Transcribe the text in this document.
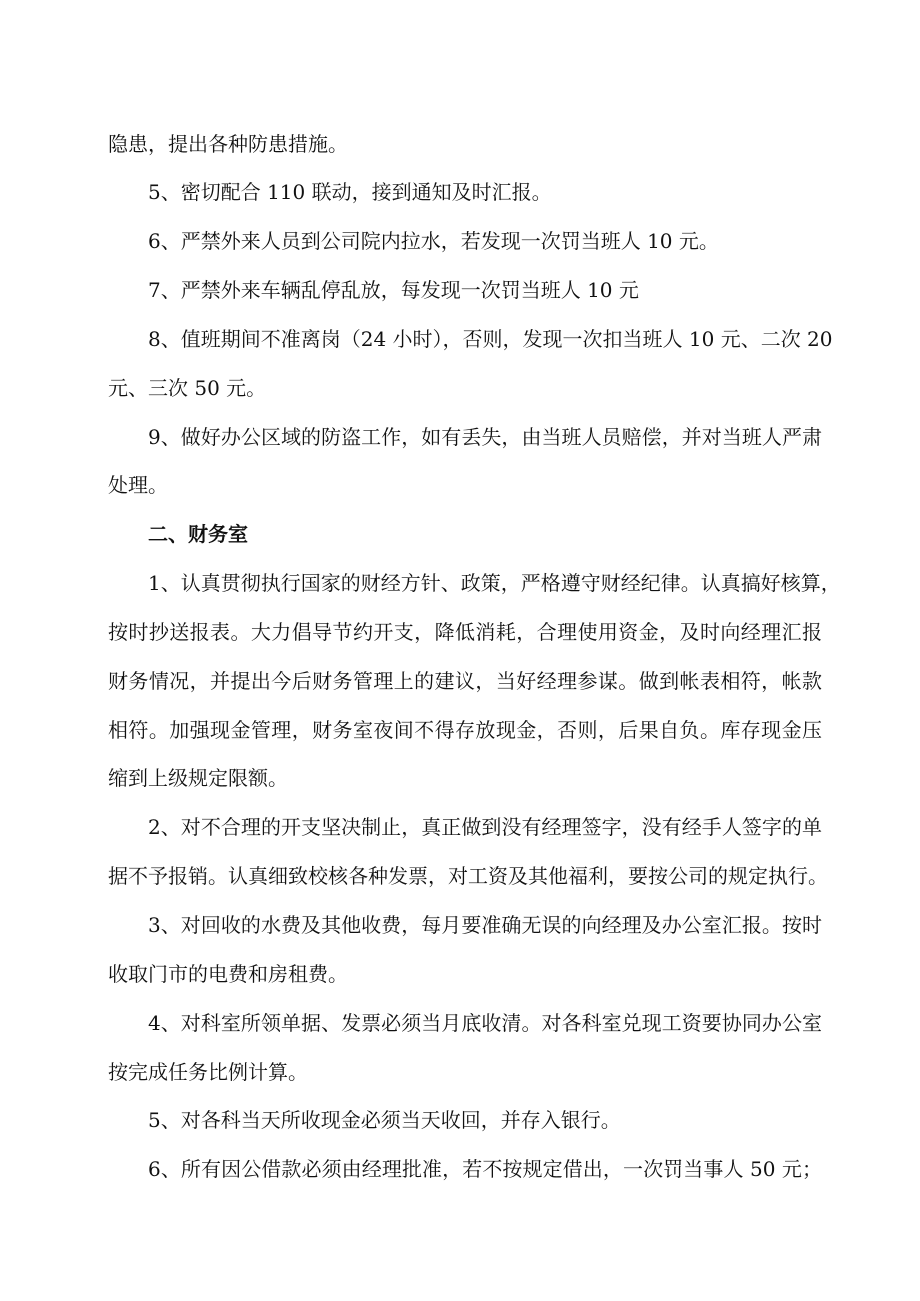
隐患，提出各种防患措施。
5、密切配合 110 联动，接到通知及时汇报。
6、严禁外来人员到公司院内拉水，若发现一次罚当班人 10 元。
7、严禁外来车辆乱停乱放，每发现一次罚当班人 10 元
8、值班期间不准离岗（24 小时），否则，发现一次扣当班人 10 元、二次 20
元、三次 50 元。
9、做好办公区域的防盗工作，如有丢失，由当班人员赔偿，并对当班人严肃
处理。
二、财务室
1、认真贯彻执行国家的财经方针、政策，严格遵守财经纪律。认真搞好核算，
按时抄送报表。大力倡导节约开支，降低消耗，合理使用资金，及时向经理汇报
财务情况，并提出今后财务管理上的建议，当好经理参谋。做到帐表相符，帐款
相符。加强现金管理，财务室夜间不得存放现金，否则，后果自负。库存现金压
缩到上级规定限额。
2、对不合理的开支坚决制止，真正做到没有经理签字，没有经手人签字的单
据不予报销。认真细致校核各种发票，对工资及其他福利，要按公司的规定执行。
3、对回收的水费及其他收费，每月要准确无误的向经理及办公室汇报。按时
收取门市的电费和房租费。
4、对科室所领单据、发票必须当月底收清。对各科室兑现工资要协同办公室
按完成任务比例计算。
5、对各科当天所收现金必须当天收回，并存入银行。
6、所有因公借款必须由经理批准，若不按规定借出，一次罚当事人 50 元；
